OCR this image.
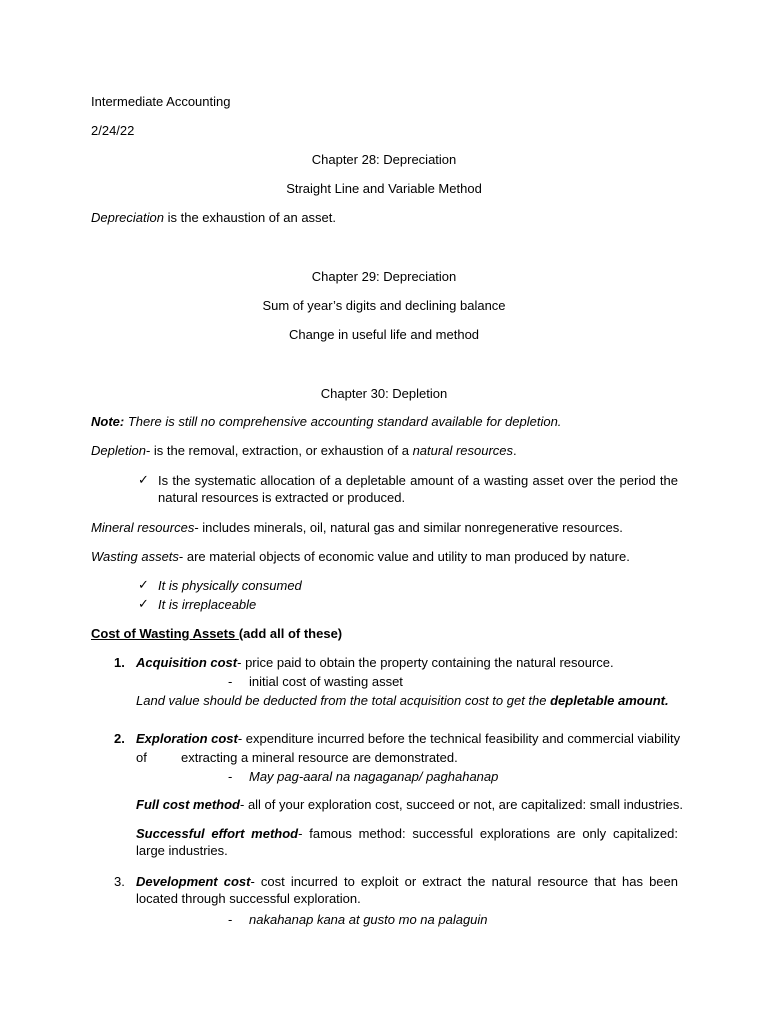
Intermediate Accounting
2/24/22
Chapter 28: Depreciation
Straight Line and Variable Method
Depreciation is the exhaustion of an asset.
Chapter 29: Depreciation
Sum of year’s digits and declining balance
Change in useful life and method
Chapter 30: Depletion
Note: There is still no comprehensive accounting standard available for depletion.
Depletion- is the removal, extraction, or exhaustion of a natural resources.
✓ Is the systematic allocation of a depletable amount of a wasting asset over the period the natural resources is extracted or produced.
Mineral resources- includes minerals, oil, natural gas and similar nonregenerative resources.
Wasting assets- are material objects of economic value and utility to man produced by nature.
✓ It is physically consumed
✓ It is irreplaceable
Cost of Wasting Assets (add all of these)
1. Acquisition cost- price paid to obtain the property containing the natural resource.
- initial cost of wasting asset
Land value should be deducted from the total acquisition cost to get the depletable amount.
2. Exploration cost- expenditure incurred before the technical feasibility and commercial viability
of	extracting a mineral resource are demonstrated.
- May pag-aaral na nagaganap/ paghahanap
Full cost method- all of your exploration cost, succeed or not, are capitalized: small industries.
Successful effort method- famous method: successful explorations are only capitalized: large industries.
3. Development cost- cost incurred to exploit or extract the natural resource that has been located through successful exploration.
- nakahanap kana at gusto mo na palaguin
